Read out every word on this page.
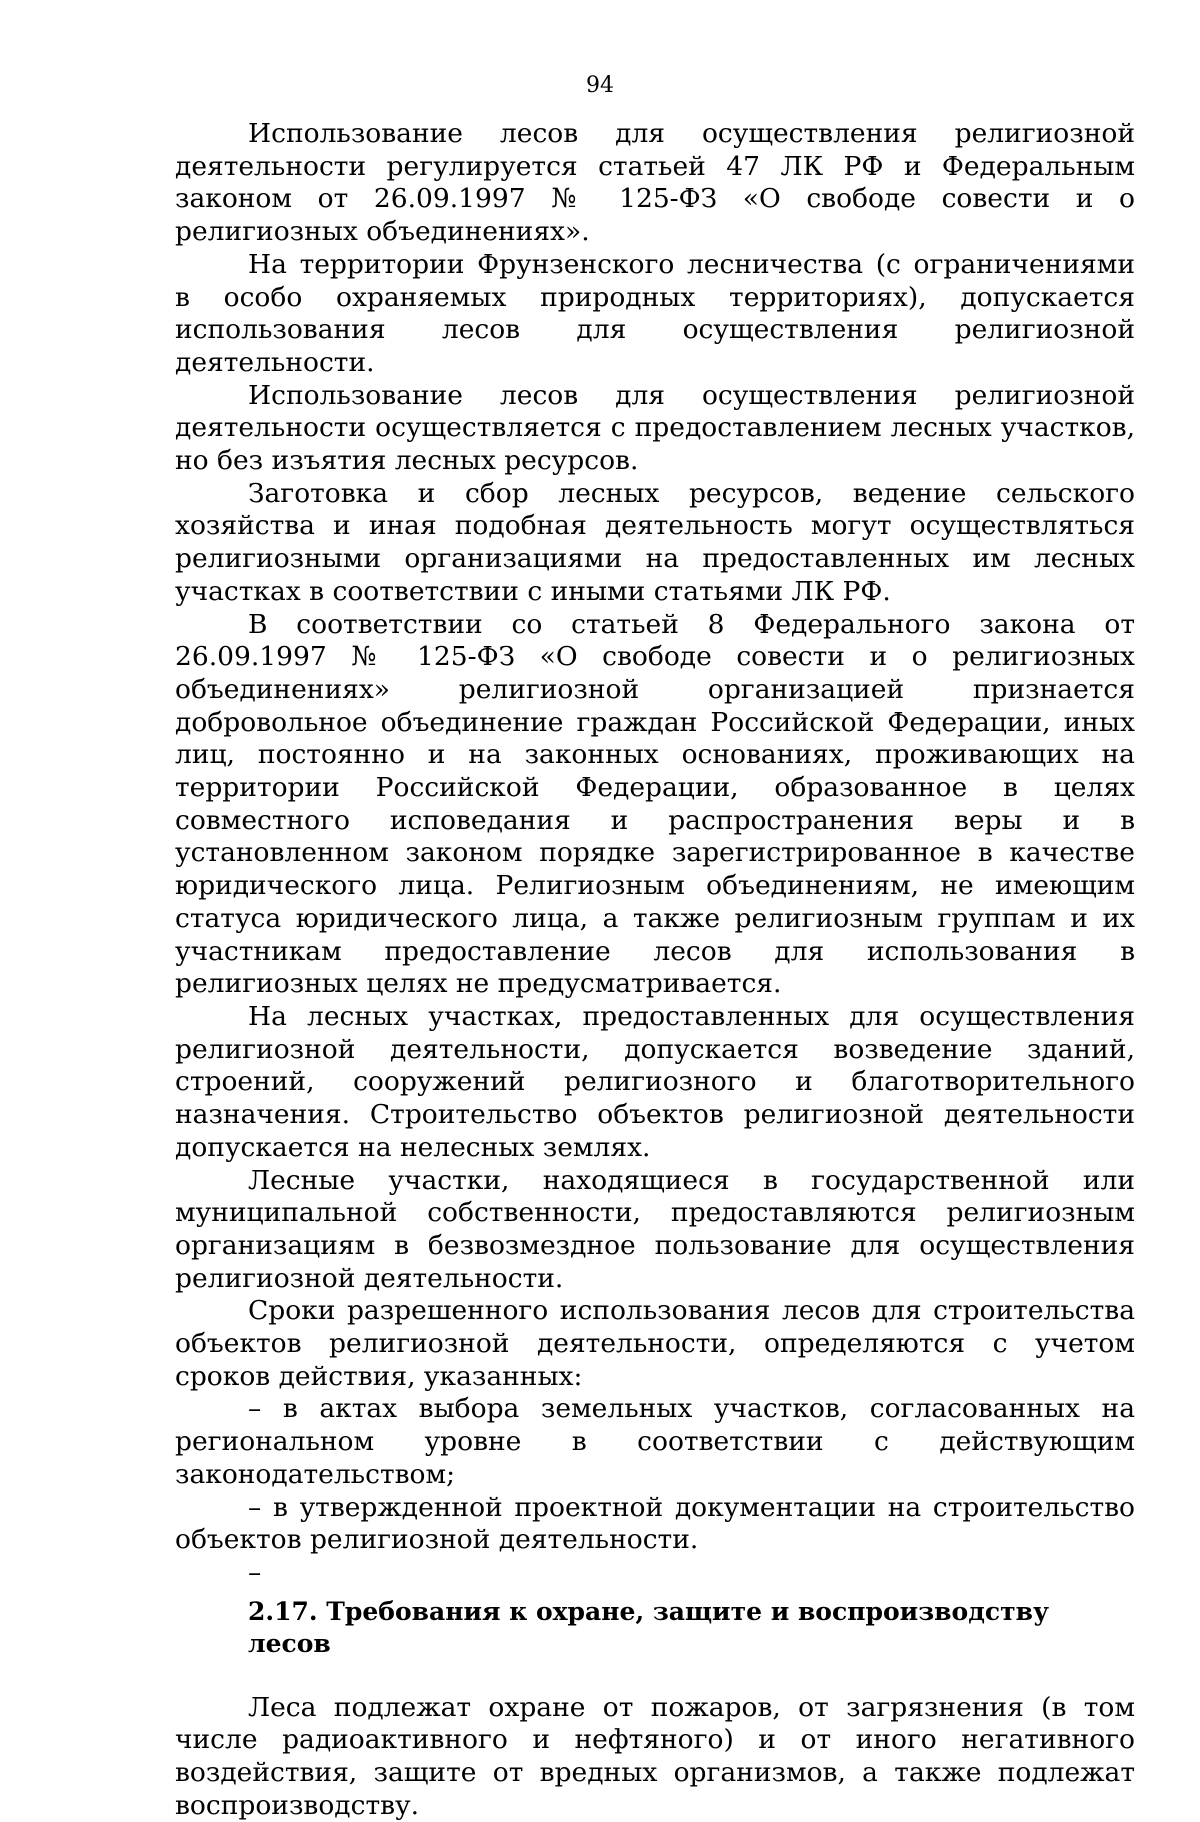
94

Использование лесов для осуществления религиозной деятельности регулируется статьей 47 ЛК РФ и Федеральным законом от 26.09.1997 № 125-ФЗ «О свободе совести и о религиозных объединениях».

На территории Фрунзенского лесничества (с ограничениями в особо охраняемых природных территориях), допускается использования лесов для осуществления религиозной деятельности.

Использование лесов для осуществления религиозной деятельности осуществляется с предоставлением лесных участков, но без изъятия лесных ресурсов.

Заготовка и сбор лесных ресурсов, ведение сельского хозяйства и иная подобная деятельность могут осуществляться религиозными организациями на предоставленных им лесных участках в соответствии с иными статьями ЛК РФ.

В соответствии со статьей 8 Федерального закона от 26.09.1997 № 125-ФЗ «О свободе совести и о религиозных объединениях» религиозной организацией признается добровольное объединение граждан Российской Федерации, иных лиц, постоянно и на законных основаниях, проживающих на территории Российской Федерации, образованное в целях совместного исповедания и распространения веры и в установленном законом порядке зарегистрированное в качестве юридического лица. Религиозным объединениям, не имеющим статуса юридического лица, а также религиозным группам и их участникам предоставление лесов для использования в религиозных целях не предусматривается.

На лесных участках, предоставленных для осуществления религиозной деятельности, допускается возведение зданий, строений, сооружений религиозного и благотворительного назначения. Строительство объектов религиозной деятельности допускается на нелесных землях.

Лесные участки, находящиеся в государственной или муниципальной собственности, предоставляются религиозным организациям в безвозмездное пользование для осуществления религиозной деятельности.

Сроки разрешенного использования лесов для строительства объектов религиозной деятельности, определяются с учетом сроков действия, указанных:

– в актах выбора земельных участков, согласованных на региональном уровне в соответствии с действующим законодательством;

– в утвержденной проектной документации на строительство объектов религиозной деятельности.

–

2.17. Требования к охране, защите и воспроизводству лесов

Леса подлежат охране от пожаров, от загрязнения (в том числе радиоактивного и нефтяного) и от иного негативного воздействия, защите от вредных организмов, а также подлежат воспроизводству.
